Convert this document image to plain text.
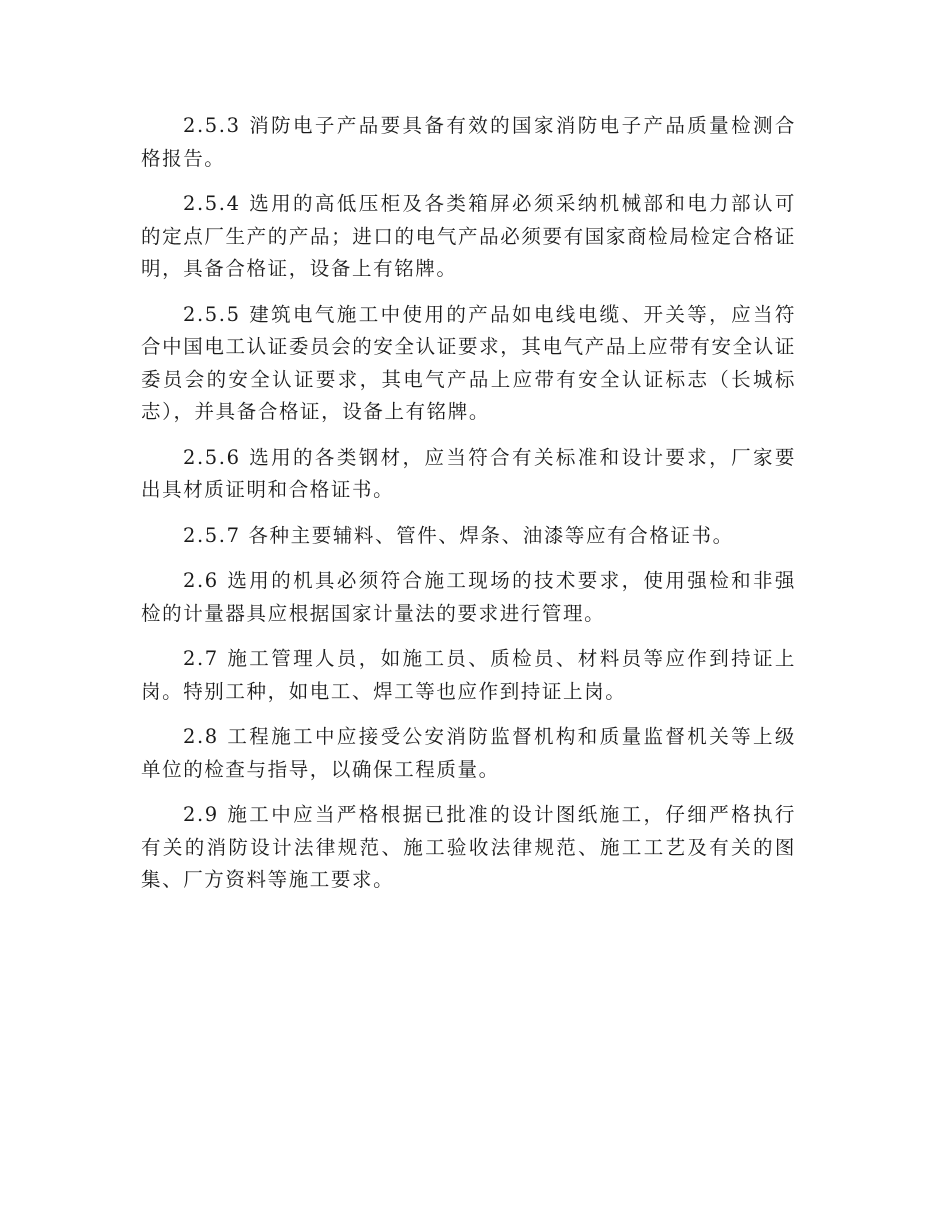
2.5.3 消防电子产品要具备有效的国家消防电子产品质量检测合格报告。

2.5.4 选用的高低压柜及各类箱屏必须采纳机械部和电力部认可的定点厂生产的产品；进口的电气产品必须要有国家商检局检定合格证明，具备合格证，设备上有铭牌。

2.5.5 建筑电气施工中使用的产品如电线电缆、开关等，应当符合中国电工认证委员会的安全认证要求，其电气产品上应带有安全认证委员会的安全认证要求，其电气产品上应带有安全认证标志（长城标志），并具备合格证，设备上有铭牌。

2.5.6 选用的各类钢材，应当符合有关标准和设计要求，厂家要出具材质证明和合格证书。

2.5.7 各种主要辅料、管件、焊条、油漆等应有合格证书。

2.6 选用的机具必须符合施工现场的技术要求，使用强检和非强检的计量器具应根据国家计量法的要求进行管理。

2.7 施工管理人员，如施工员、质检员、材料员等应作到持证上岗。特别工种，如电工、焊工等也应作到持证上岗。

2.8 工程施工中应接受公安消防监督机构和质量监督机关等上级单位的检查与指导，以确保工程质量。

2.9 施工中应当严格根据已批准的设计图纸施工，仔细严格执行有关的消防设计法律规范、施工验收法律规范、施工工艺及有关的图集、厂方资料等施工要求。
